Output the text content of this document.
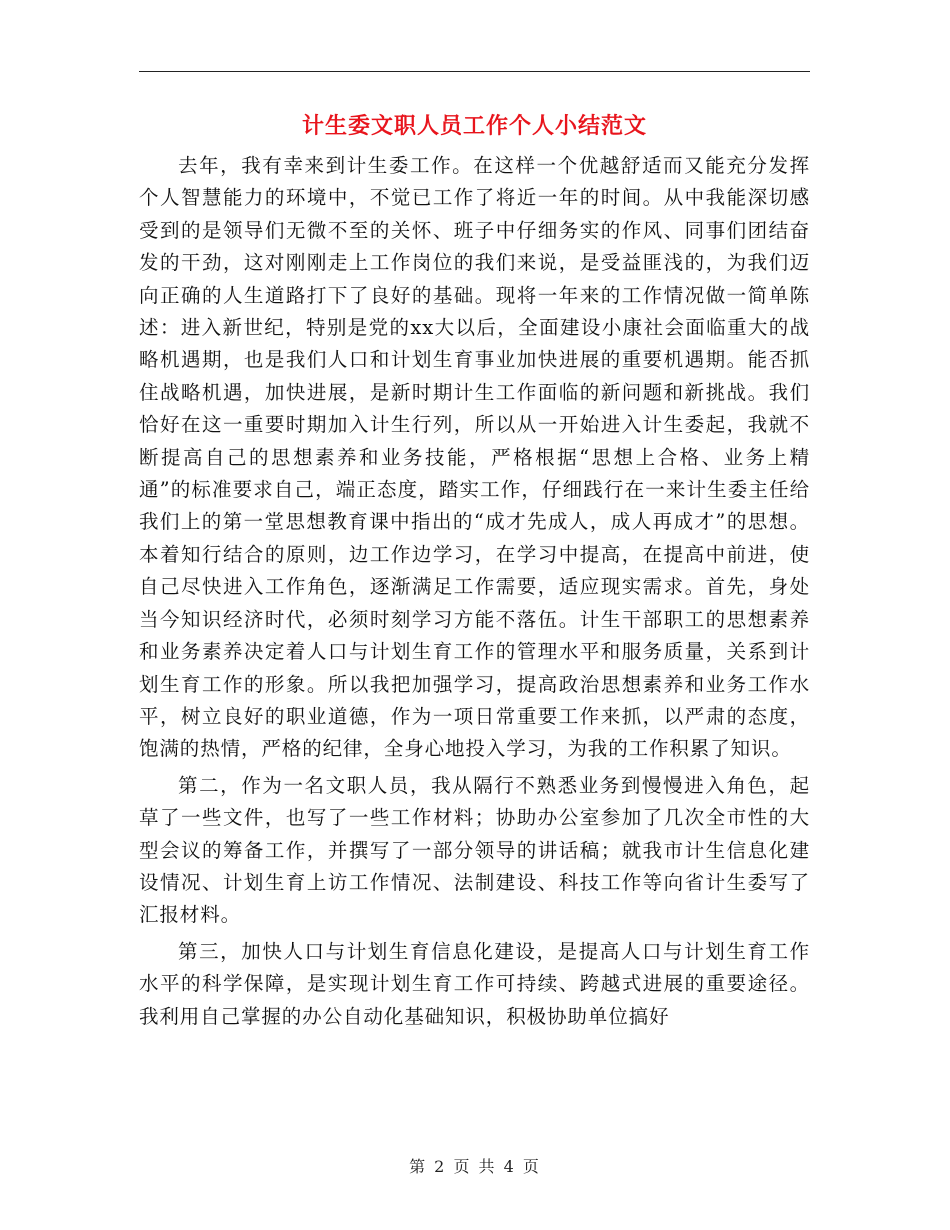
计生委文职人员工作个人小结范文

去年，我有幸来到计生委工作。在这样一个优越舒适而又能充分发挥个人智慧能力的环境中，不觉已工作了将近一年的时间。从中我能深切感受到的是领导们无微不至的关怀、班子中仔细务实的作风、同事们团结奋发的干劲，这对刚刚走上工作岗位的我们来说，是受益匪浅的，为我们迈向正确的人生道路打下了良好的基础。现将一年来的工作情况做一简单陈述：进入新世纪，特别是党的xx大以后，全面建设小康社会面临重大的战略机遇期，也是我们人口和计划生育事业加快进展的重要机遇期。能否抓住战略机遇，加快进展，是新时期计生工作面临的新问题和新挑战。我们恰好在这一重要时期加入计生行列，所以从一开始进入计生委起，我就不断提高自己的思想素养和业务技能，严格根据“思想上合格、业务上精通”的标准要求自己，端正态度，踏实工作，仔细践行在一来计生委主任给我们上的第一堂思想教育课中指出的“成才先成人，成人再成才”的思想。本着知行结合的原则，边工作边学习，在学习中提高，在提高中前进，使自己尽快进入工作角色，逐渐满足工作需要，适应现实需求。首先，身处当今知识经济时代，必须时刻学习方能不落伍。计生干部职工的思想素养和业务素养决定着人口与计划生育工作的管理水平和服务质量，关系到计划生育工作的形象。所以我把加强学习，提高政治思想素养和业务工作水平，树立良好的职业道德，作为一项日常重要工作来抓，以严肃的态度，饱满的热情，严格的纪律，全身心地投入学习，为我的工作积累了知识。

第二，作为一名文职人员，我从隔行不熟悉业务到慢慢进入角色，起草了一些文件，也写了一些工作材料；协助办公室参加了几次全市性的大型会议的筹备工作，并撰写了一部分领导的讲话稿；就我市计生信息化建设情况、计划生育上访工作情况、法制建设、科技工作等向省计生委写了汇报材料。

第三，加快人口与计划生育信息化建设，是提高人口与计划生育工作水平的科学保障，是实现计划生育工作可持续、跨越式进展的重要途径。我利用自己掌握的办公自动化基础知识，积极协助单位搞好

第 2 页 共 4 页
